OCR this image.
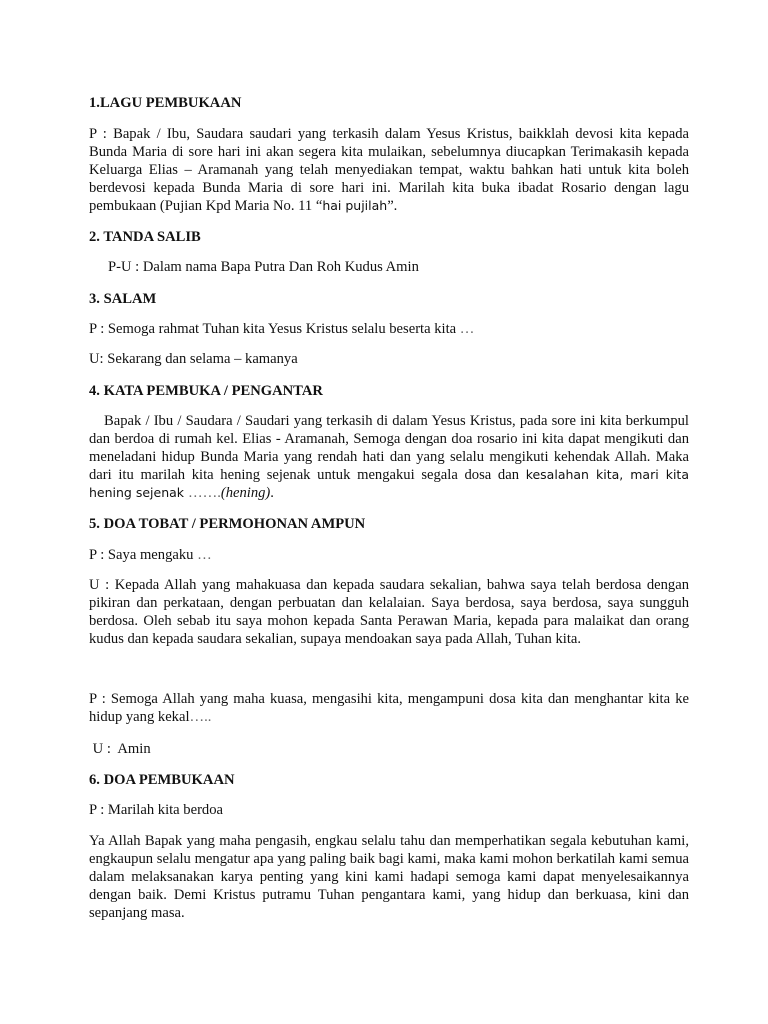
1.LAGU PEMBUKAAN

P : Bapak / Ibu, Saudara saudari yang terkasih dalam Yesus Kristus, baikklah devosi kita kepada Bunda Maria di sore hari ini akan segera kita mulaikan, sebelumnya diucapkan Terimakasih kepada Keluarga Elias – Aramanah yang telah menyediakan tempat, waktu bahkan hati untuk kita boleh berdevosi kepada Bunda Maria di sore hari ini. Marilah kita buka ibadat Rosario dengan lagu pembukaan (Pujian Kpd Maria No. 11 “hai pujilah”.

2. TANDA SALIB

P-U : Dalam nama Bapa Putra Dan Roh Kudus Amin

3. SALAM

P : Semoga rahmat Tuhan kita Yesus Kristus selalu beserta kita …

U: Sekarang dan selama – kamanya

4. KATA PEMBUKA / PENGANTAR

Bapak / Ibu / Saudara / Saudari yang terkasih di dalam Yesus Kristus, pada sore ini kita berkumpul dan berdoa di rumah kel. Elias - Aramanah, Semoga dengan doa rosario ini kita dapat mengikuti dan meneladani hidup Bunda Maria yang rendah hati dan yang selalu mengikuti kehendak Allah. Maka dari itu marilah kita hening sejenak untuk mengakui segala dosa dan kesalahan kita, mari kita hening sejenak …….(hening).

5. DOA TOBAT / PERMOHONAN AMPUN

P : Saya mengaku …

U : Kepada Allah yang mahakuasa dan kepada saudara sekalian, bahwa saya telah berdosa dengan pikiran dan perkataan, dengan perbuatan dan kelalaian. Saya berdosa, saya berdosa, saya sungguh berdosa. Oleh sebab itu saya mohon kepada Santa Perawan Maria, kepada para malaikat dan orang kudus dan kepada saudara sekalian, supaya mendoakan saya pada Allah, Tuhan kita.

P : Semoga Allah yang maha kuasa, mengasihi kita, mengampuni dosa kita dan menghantar kita ke hidup yang kekal…..

U :  Amin

6. DOA PEMBUKAAN

P : Marilah kita berdoa

Ya Allah Bapak yang maha pengasih, engkau selalu tahu dan memperhatikan segala kebutuhan kami, engkaupun selalu mengatur apa yang paling baik bagi kami, maka kami mohon berkatilah kami semua dalam melaksanakan karya penting yang kini kami hadapi semoga kami dapat menyelesaikannya dengan baik. Demi Kristus putramu Tuhan pengantara kami, yang hidup dan berkuasa, kini dan sepanjang masa.
